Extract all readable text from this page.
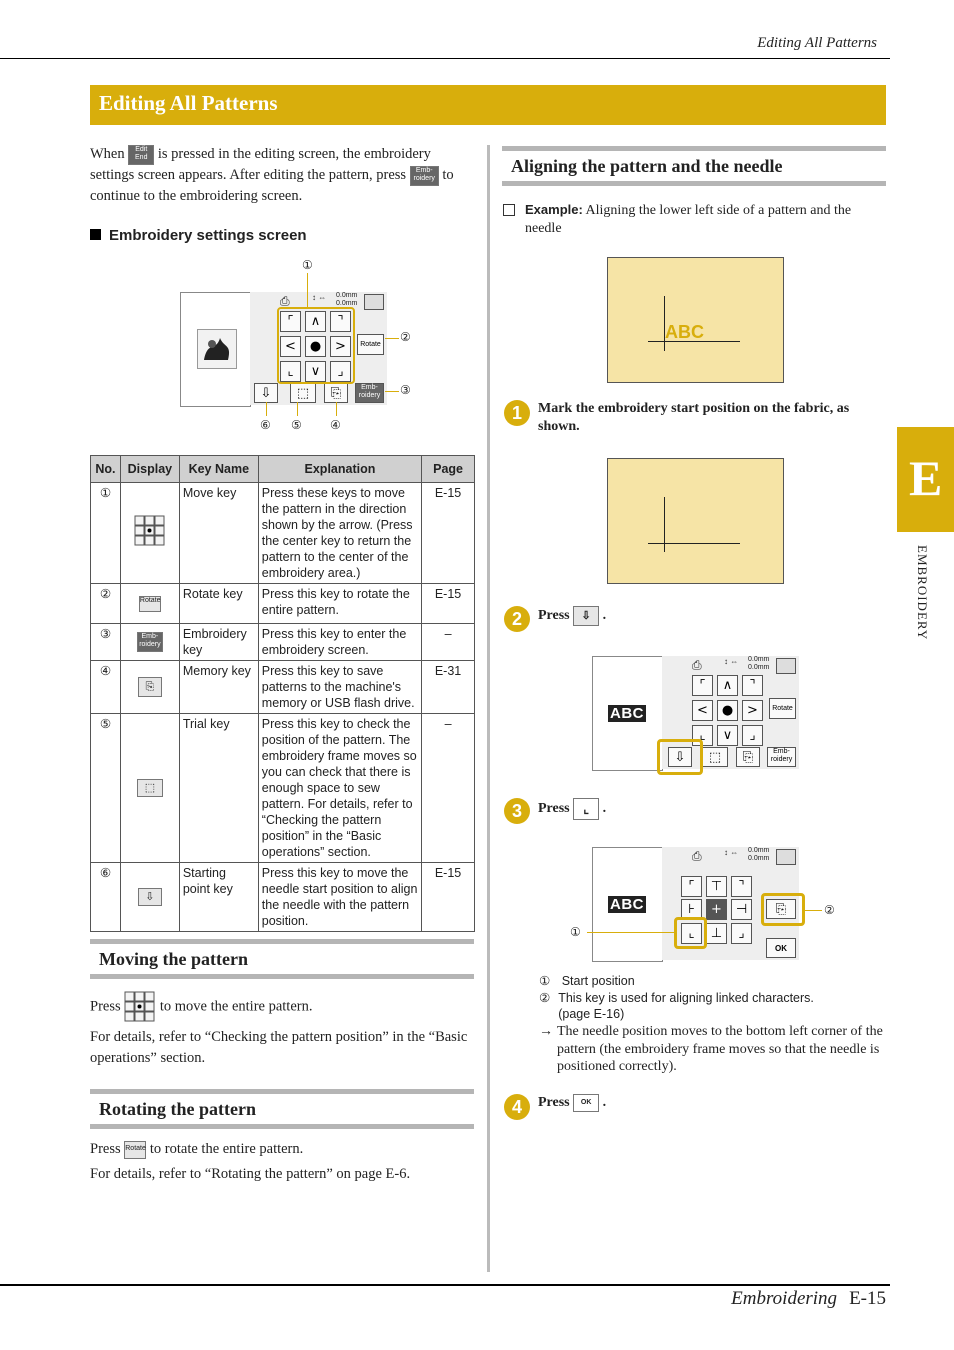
Editing All Patterns
Editing All Patterns
E
EMBROIDERY
Embroidering E-15
When Edit End is pressed in the editing screen, the embroidery settings screen appears. After editing the pattern, press Emb- roidery to continue to the embroidering screen.
Embroidery settings screen
⎙	↕ ⇔ 0.0mm
0.0mm
⌜	∧	⌝
<	●	>
⌞	∨	⌟
Rotate
⇩	⬚	⎘	Emb- roidery
①
②
③
⑥ ⑤ ④
No.	Display	Key Name	Explanation	Page
①		Move key	Press these keys to move the pattern in the direction shown by the arrow. (Press the center key to return the pattern to the center of the embroidery area.)	E-15
②	Rotate	Rotate key	Press this key to rotate the entire pattern.	E-15
③	Emb- roidery	Embroidery key	Press this key to enter the embroidery screen.	–
④	⎘	Memory key	Press this key to save patterns to the machine's memory or USB flash drive.	E-31
⑤	⬚	Trial key	Press this key to check the position of the pattern. The embroidery frame moves so you can check that there is enough space to sew pattern. For details, refer to “Checking the pattern position” in the “Basic operations” section.	–
⑥	⇩	Starting point key	Press this key to move the needle start position to align the needle with the pattern position.	E-15
Moving the pattern
Press	to move the entire pattern.
For details, refer to “Checking the pattern position” in the “Basic operations” section.
Rotating the pattern
Press Rotate to rotate the entire pattern.
For details, refer to “Rotating the pattern” on page E-6.
Aligning the pattern and the needle
Example: Aligning the lower left side of a pattern and the needle
ABC
1	Mark the embroidery start position on the fabric, as shown.
2	Press ⇩ .
ABC
⎙	↕ ⇔ 0.0mm
0.0mm
⌜	∧	⌝
<	●	>
⌞	∨	⌟
Rotate
⇩	⬚	⎘	Emb- roidery
3	Press ⌞ .
ABC
⎙	↕ ⇔ 0.0mm
0.0mm
⌜	⊤	⌝
⊦	+	⊣
⌞	⊥	⌟
⎘
OK
①
②
① Start position
② This key is used for aligning linked characters. (page E-16)
→ The needle position moves to the bottom left corner of the pattern (the embroidery frame moves so that the needle is positioned correctly).
4	Press OK .
